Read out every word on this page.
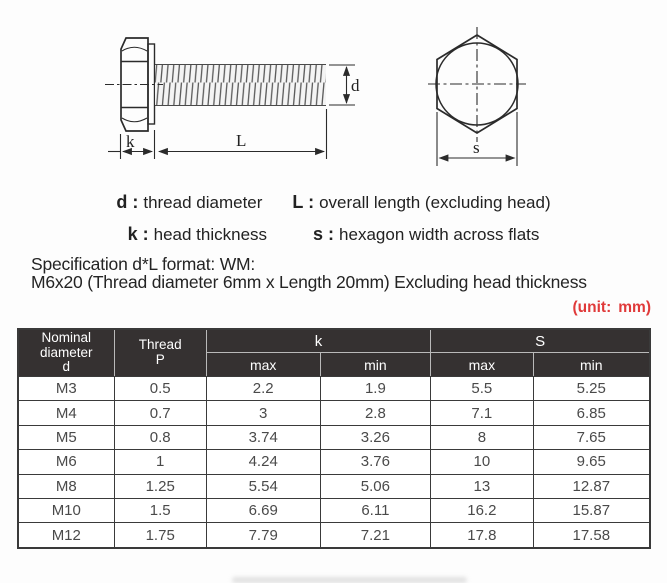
d
k	L	s
d : thread diameter L : overall length (excluding head)
k : head thickness	s : hexagon width across flats
Specification d*L format: WM:
M6x20 (Thread diameter 6mm x Length 20mm) Excluding head thickness
(unit: mm)
Nominal
diameter
d

Thread
P
	k	S
		max	min	max	min
M3	0.5	2.2	1.9	5.5	5.25
M4	0.7	3	2.8	7.1	6.85
M5	0.8	3.74	3.26	8	7.65
M6	1	4.24	3.76	10	9.65
M8	1.25	5.54	5.06	13	12.87
M10	1.5	6.69	6.11	16.2	15.87
M12	1.75	7.79	7.21	17.8	17.58
